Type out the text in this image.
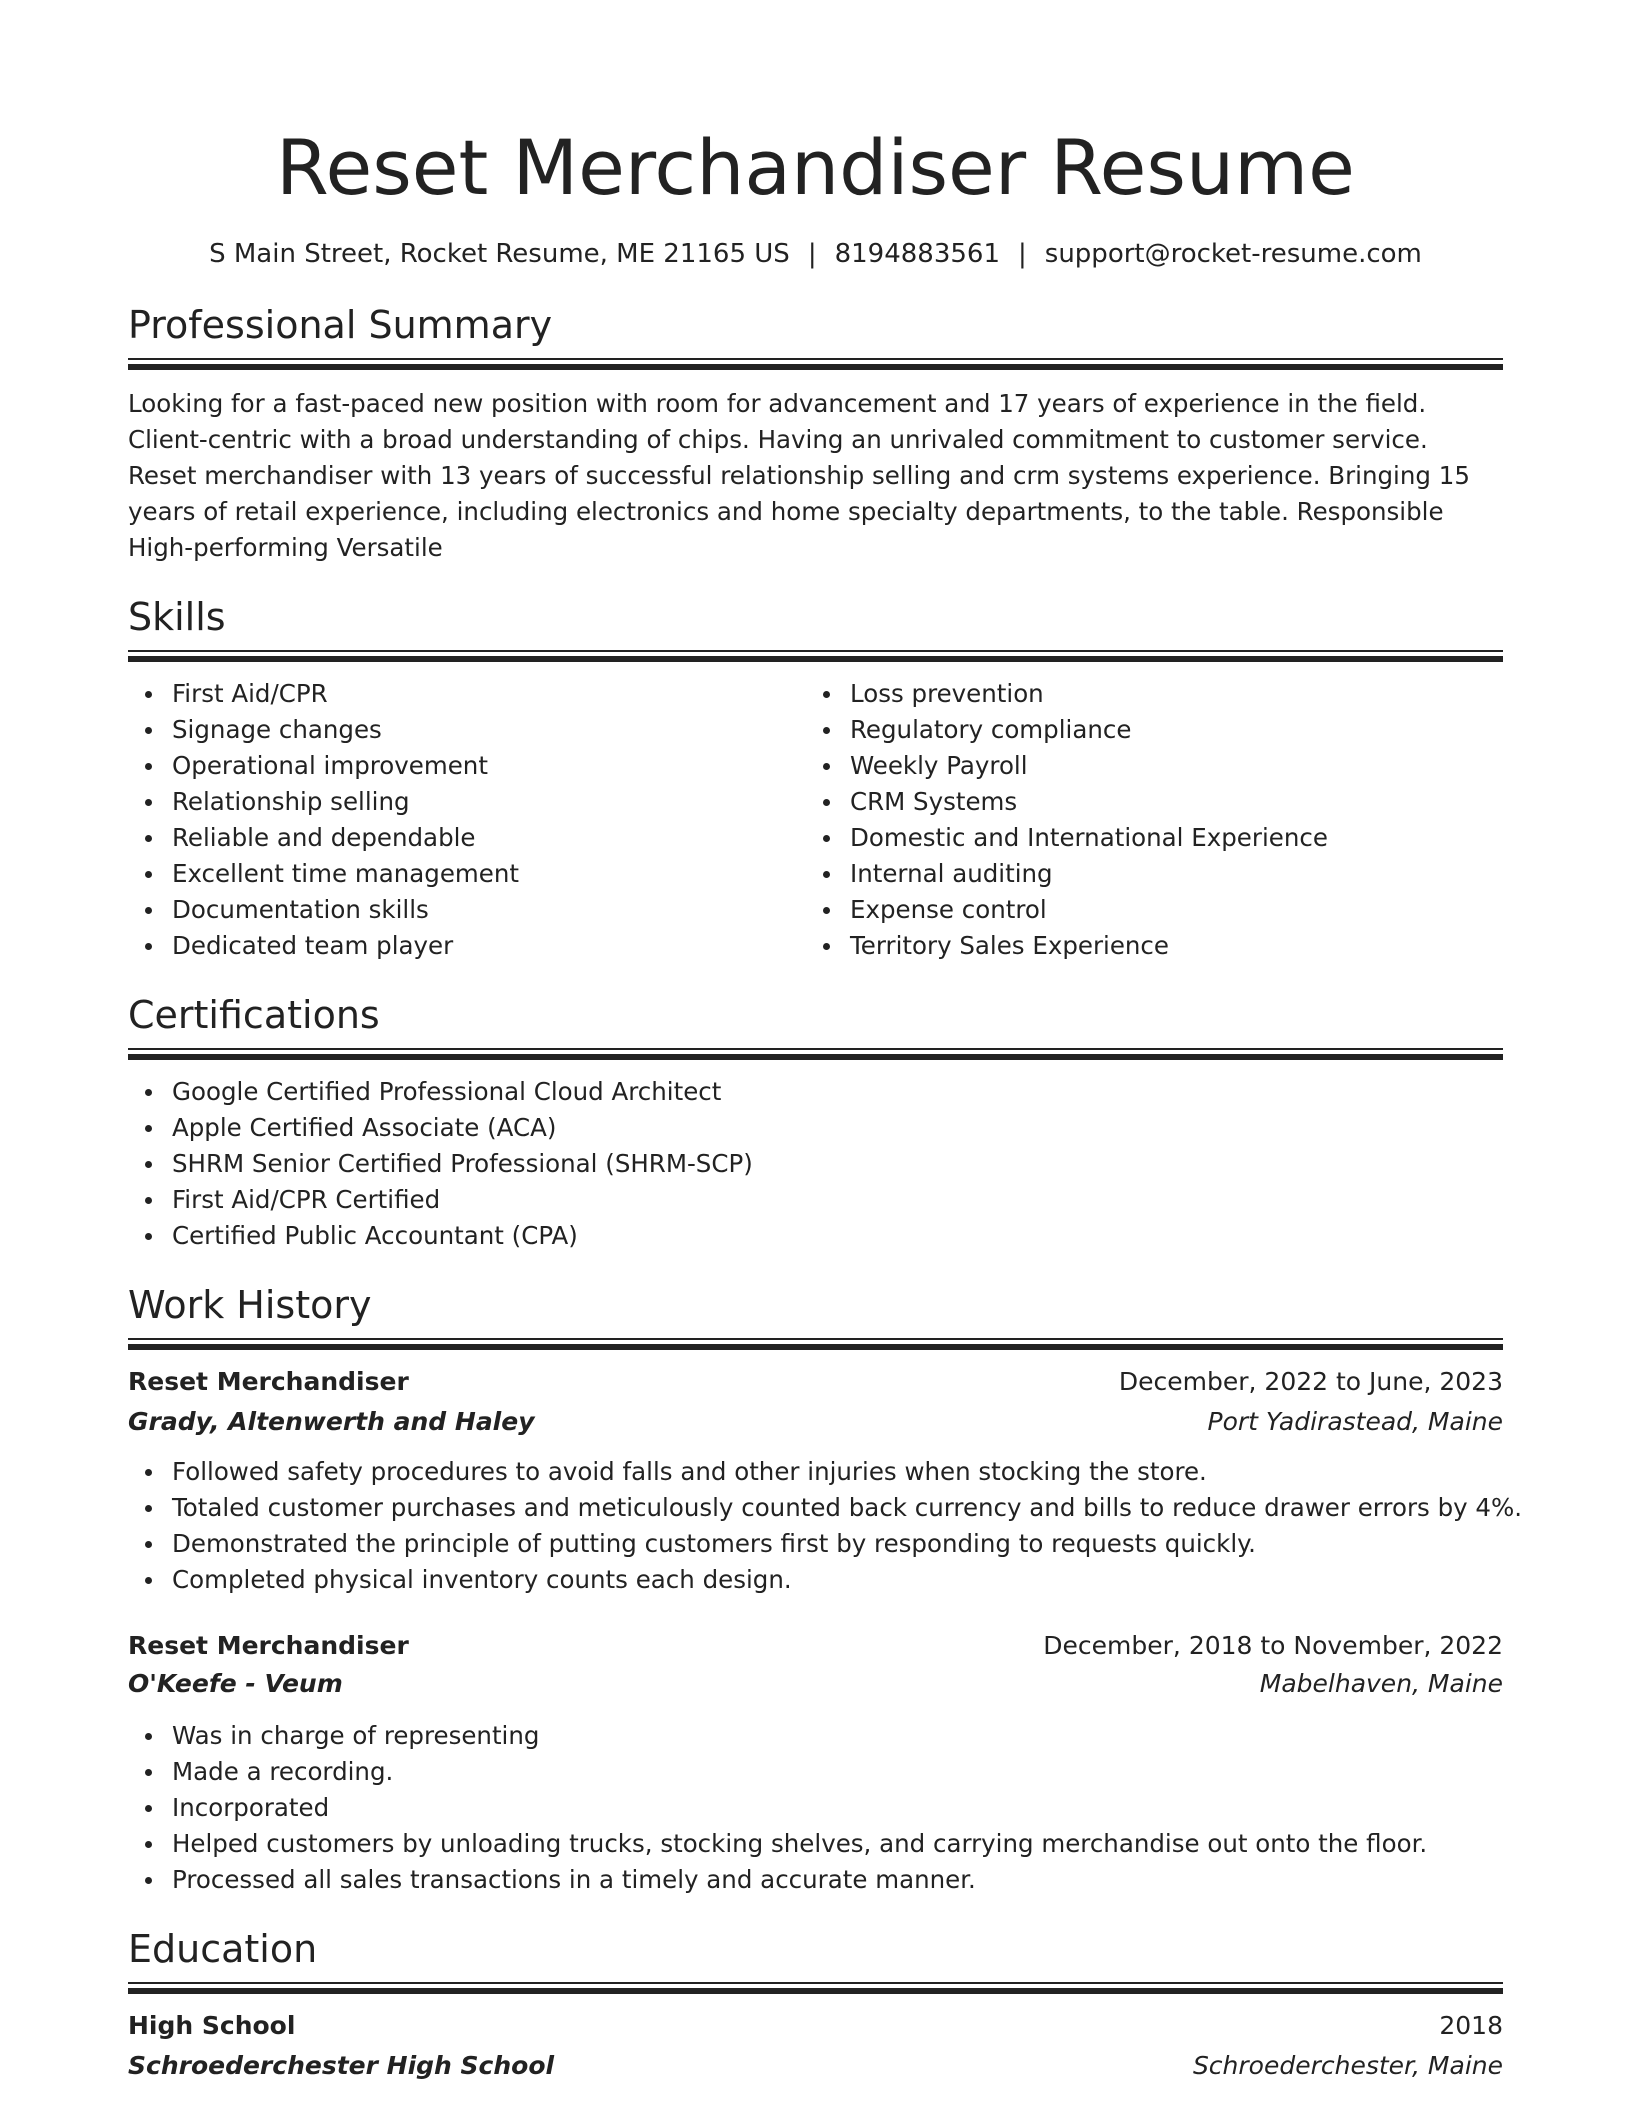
Reset Merchandiser Resume
S Main Street, Rocket Resume, ME 21165 US | 8194883561 | support@rocket-resume.com
Professional Summary
Looking for a fast-paced new position with room for advancement and 17 years of experience in the field. Client-centric with a broad understanding of chips. Having an unrivaled commitment to customer service. Reset merchandiser with 13 years of successful relationship selling and crm systems experience. Bringing 15 years of retail experience, including electronics and home specialty departments, to the table. Responsible High-performing Versatile
Skills
First Aid/CPR
Signage changes
Operational improvement
Relationship selling
Reliable and dependable
Excellent time management
Documentation skills
Dedicated team player
Loss prevention
Regulatory compliance
Weekly Payroll
CRM Systems
Domestic and International Experience
Internal auditing
Expense control
Territory Sales Experience
Certifications
Google Certified Professional Cloud Architect
Apple Certified Associate (ACA)
SHRM Senior Certified Professional (SHRM-SCP)
First Aid/CPR Certified
Certified Public Accountant (CPA)
Work History
Reset Merchandiser	December, 2022 to June, 2023
Grady, Altenwerth and Haley	Port Yadirastead, Maine
Followed safety procedures to avoid falls and other injuries when stocking the store.
Totaled customer purchases and meticulously counted back currency and bills to reduce drawer errors by 4%.
Demonstrated the principle of putting customers first by responding to requests quickly.
Completed physical inventory counts each design.
Reset Merchandiser	December, 2018 to November, 2022
O'Keefe - Veum	Mabelhaven, Maine
Was in charge of representing
Made a recording.
Incorporated
Helped customers by unloading trucks, stocking shelves, and carrying merchandise out onto the floor.
Processed all sales transactions in a timely and accurate manner.
Education
High School	2018
Schroederchester High School	Schroederchester, Maine
